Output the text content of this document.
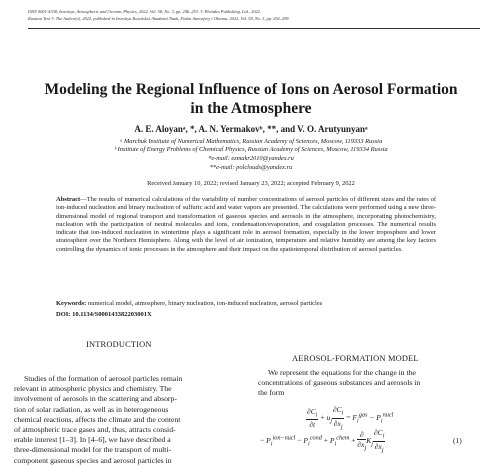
ISSN 0001-4338, Izvestiya, Atmospheric and Oceanic Physics, 2022, Vol. 58, No. 3, pp. 246–253. © Pleiades Publishing, Ltd., 2022.
Russian Text © The Author(s), 2022, published in Izvestiya Rossiiskoi Akademii Nauk, Fizika Atmosfery i Okeana, 2022, Vol. 58, No. 3, pp. 292–299.
Modeling the Regional Influence of Ions on Aerosol Formation
in the Atmosphere
A. E. Aloyanᵃ, *, A. N. Yermakovᵇ, **, and V. O. Arutyunyanᵃ
ᵃ Marchuk Institute of Numerical Mathematics, Russian Academy of Sciences, Moscow, 119333 Russia
ᵇ Institute of Energy Problems of Chemical Physics, Russian Academy of Sciences, Moscow, 119334 Russia
*e-mail: ezmakr2010@yandex.ru
**e-mail: polclouds@yandex.ru
Received January 10, 2022; revised January 23, 2022; accepted February 9, 2022
Abstract—The results of numerical calculations of the variability of number concentrations of aerosol particles of different sizes and the rates of ion-induced nucleation and binary nucleation of sulfuric acid and water vapors are presented. The calculations were performed using a new three-dimensional model of regional transport and transformation of gaseous species and aerosols in the atmosphere, incorporating photochemistry, nucleation with the participation of neutral molecules and ions, condensation/evaporation, and coagulation processes. The numerical results indicate that ion-induced nucleation in wintertime plays a significant role in aerosol formation, especially in the lower troposphere and lower stratosphere over the Northern Hemisphere. Along with the level of air ionization, temperature and relative humidity are among the key factors controlling the dynamics of ionic processes in the atmosphere and their impact on the spatiotemporal distribution of aerosol particles.
Keywords: numerical model, atmosphere, binary nucleation, ion-induced nucleation, aerosol particles
DOI: 10.1134/S000143382203001X
INTRODUCTION
Studies of the formation of aerosol particles remain
relevant in atmospheric physics and chemistry. The
involvement of aerosols in the scattering and absorp-
tion of solar radiation, as well as in heterogeneous
chemical reactions, affects the climate and the content
of atmospheric trace gases and, thus, attracts consid-
erable interest [1–3]. In [4–6], we have described a
three-dimensional model for the transport of multi-
component gaseous species and aerosol particles in
AEROSOL-FORMATION MODEL
We represent the equations for the change in the
concentrations of gaseous substances and aerosols in
the form
$\frac{\partial C_i}{\partial t} + u_j \frac{\partial C_i}{\partial x_j} = F_i^{gas} - P_i^{nucl}$
− $P_i^{ion-nucl} - P_i^{cond} + P_i^{chem} + \frac{\partial}{\partial x_j} K_j \frac{\partial C_i}{\partial x_j}$	(1)
